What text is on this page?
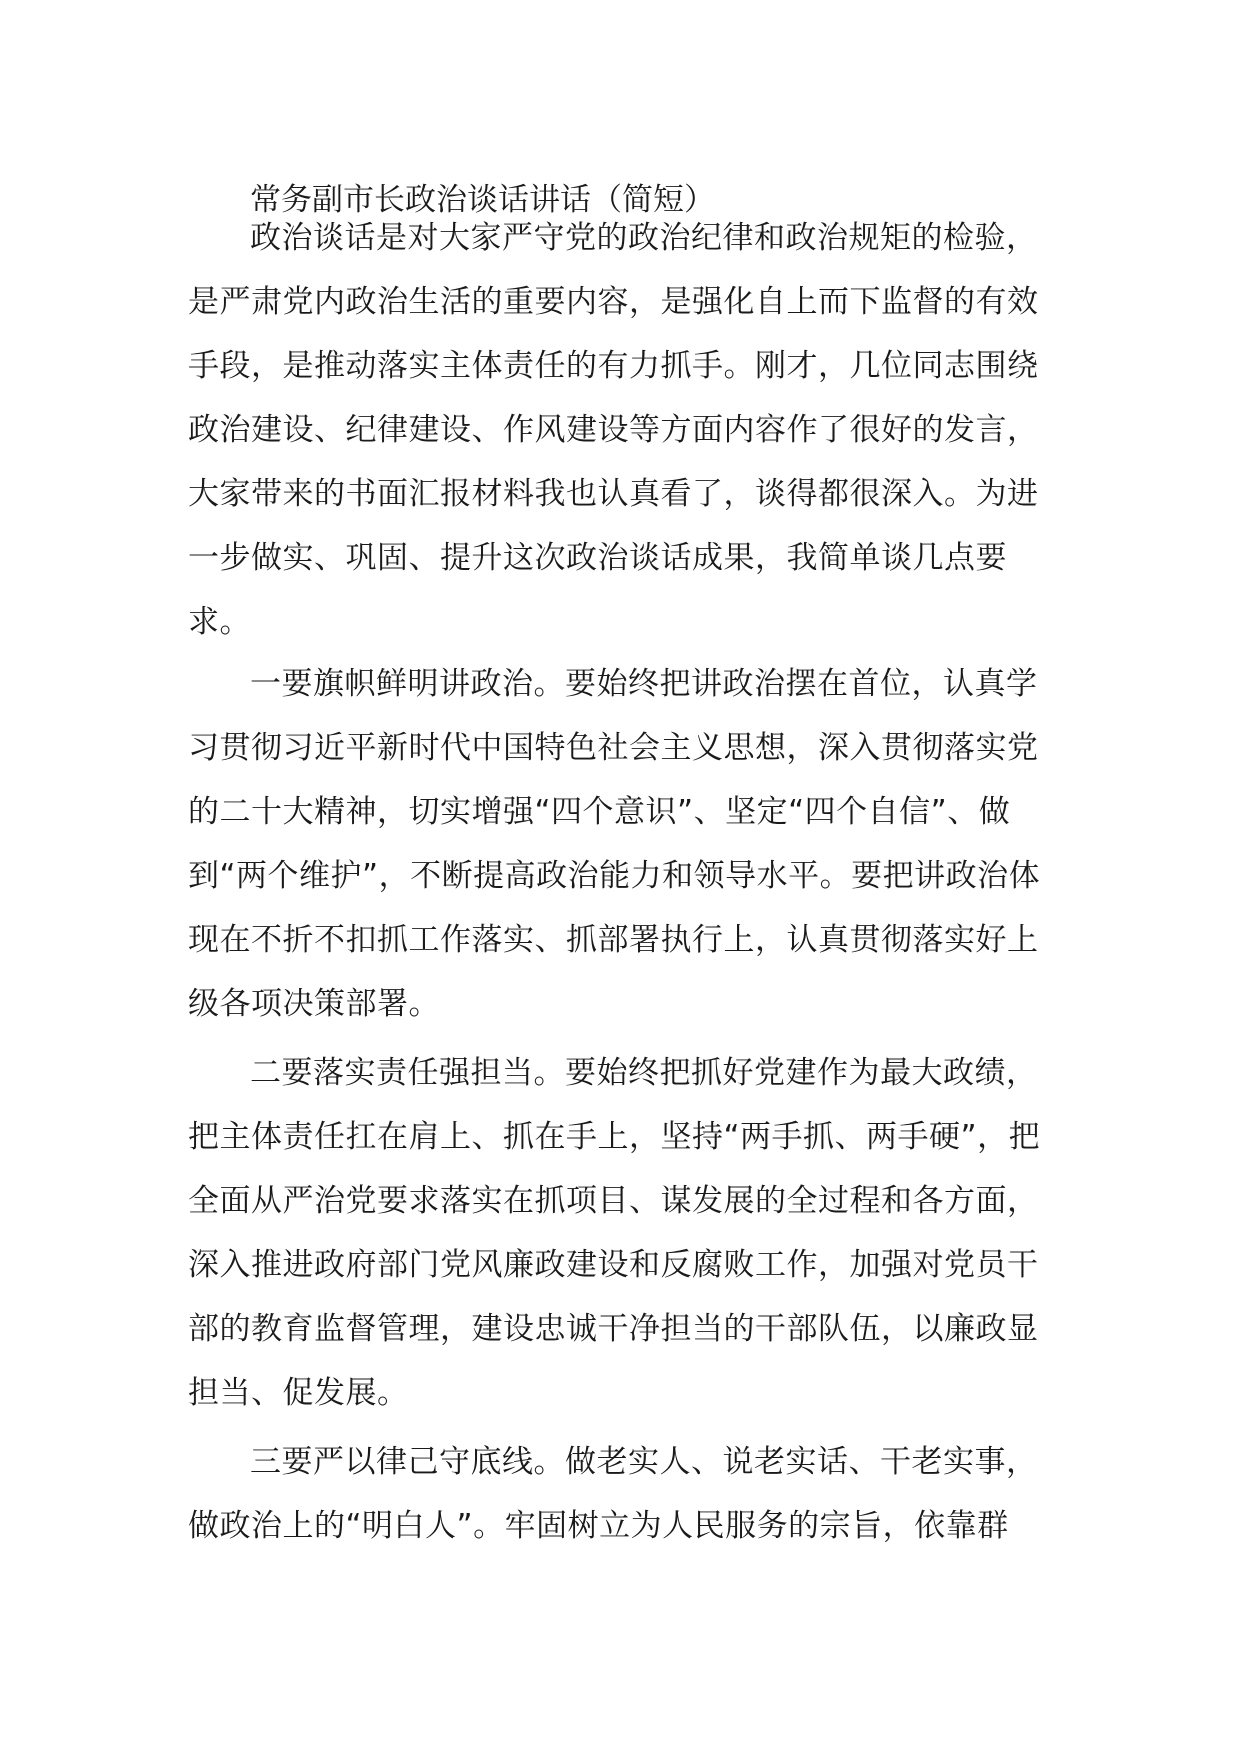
常务副市长政治谈话讲话（简短）

政治谈话是对大家严守党的政治纪律和政治规矩的检验，是严肃党内政治生活的重要内容，是强化自上而下监督的有效手段，是推动落实主体责任的有力抓手。刚才，几位同志围绕政治建设、纪律建设、作风建设等方面内容作了很好的发言，大家带来的书面汇报材料我也认真看了，谈得都很深入。为进一步做实、巩固、提升这次政治谈话成果，我简单谈几点要求。

一要旗帜鲜明讲政治。要始终把讲政治摆在首位，认真学习贯彻习近平新时代中国特色社会主义思想，深入贯彻落实党的二十大精神，切实增强“四个意识”、坚定“四个自信”、做到“两个维护”，不断提高政治能力和领导水平。要把讲政治体现在不折不扣抓工作落实、抓部署执行上，认真贯彻落实好上级各项决策部署。

二要落实责任强担当。要始终把抓好党建作为最大政绩，把主体责任扛在肩上、抓在手上，坚持“两手抓、两手硬”，把全面从严治党要求落实在抓项目、谋发展的全过程和各方面，深入推进政府部门党风廉政建设和反腐败工作，加强对党员干部的教育监督管理，建设忠诚干净担当的干部队伍，以廉政显担当、促发展。

三要严以律己守底线。做老实人、说老实话、干老实事，做政治上的“明白人”。牢固树立为人民服务的宗旨，依靠群
